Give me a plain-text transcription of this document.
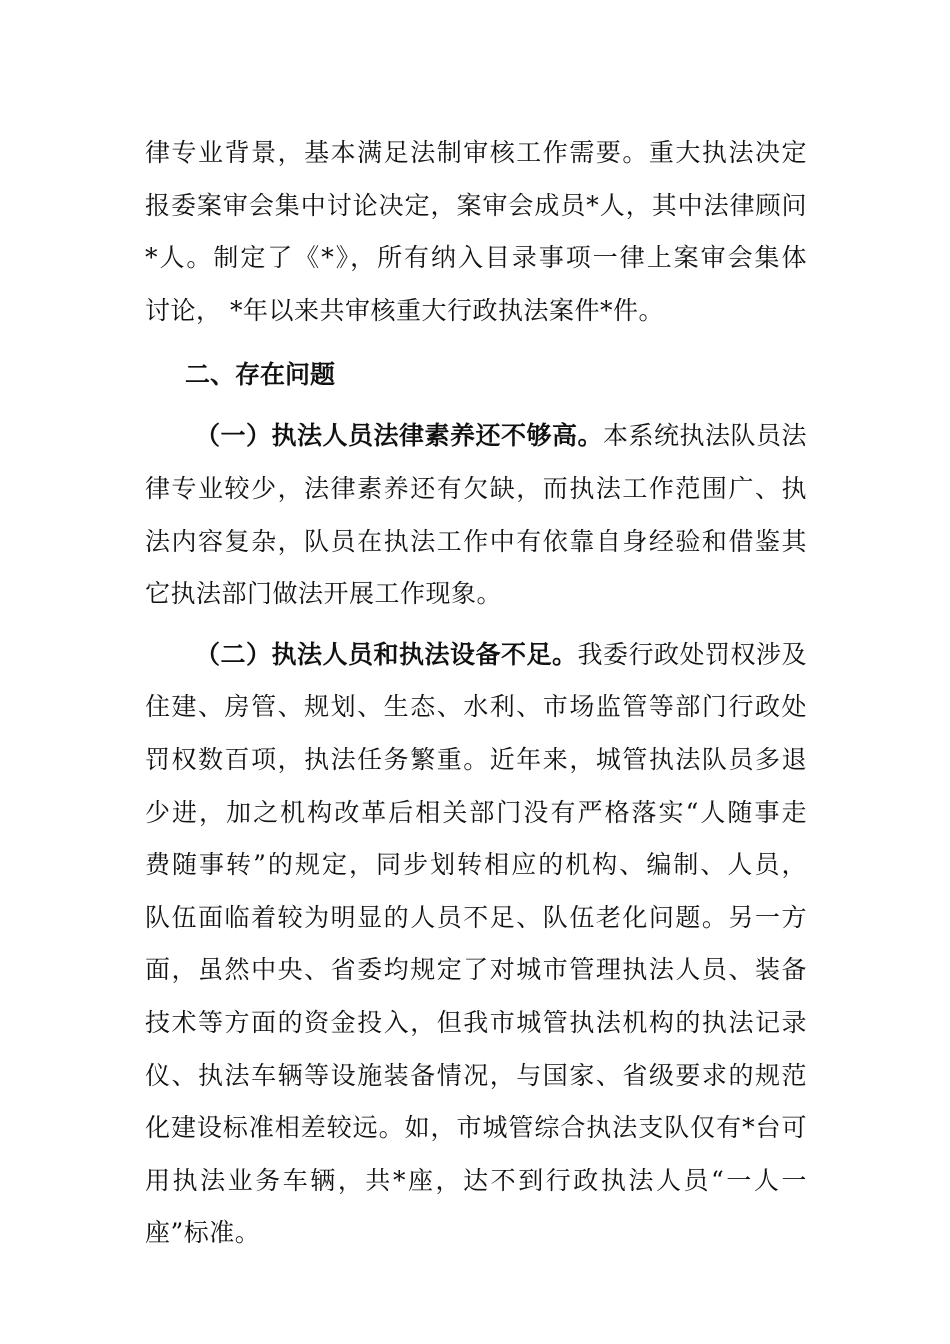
律专业背景，基本满足法制审核工作需要。重大执法决定
报委案审会集中讨论决定，案审会成员*人，其中法律顾问
*人。制定了《*》，所有纳入目录事项一律上案审会集体
讨论， *年以来共审核重大行政执法案件*件。
二、存在问题
（一）执法人员法律素养还不够高。本系统执法队员法
律专业较少，法律素养还有欠缺，而执法工作范围广、执
法内容复杂，队员在执法工作中有依靠自身经验和借鉴其
它执法部门做法开展工作现象。
（二）执法人员和执法设备不足。我委行政处罚权涉及
住建、房管、规划、生态、水利、市场监管等部门行政处
罚权数百项，执法任务繁重。近年来，城管执法队员多退
少进，加之机构改革后相关部门没有严格落实“人随事走
费随事转”的规定，同步划转相应的机构、编制、人员，
队伍面临着较为明显的人员不足、队伍老化问题。另一方
面，虽然中央、省委均规定了对城市管理执法人员、装备
技术等方面的资金投入，但我市城管执法机构的执法记录
仪、执法车辆等设施装备情况，与国家、省级要求的规范
化建设标准相差较远。如，市城管综合执法支队仅有*台可
用执法业务车辆，共*座，达不到行政执法人员“一人一
座”标准。
